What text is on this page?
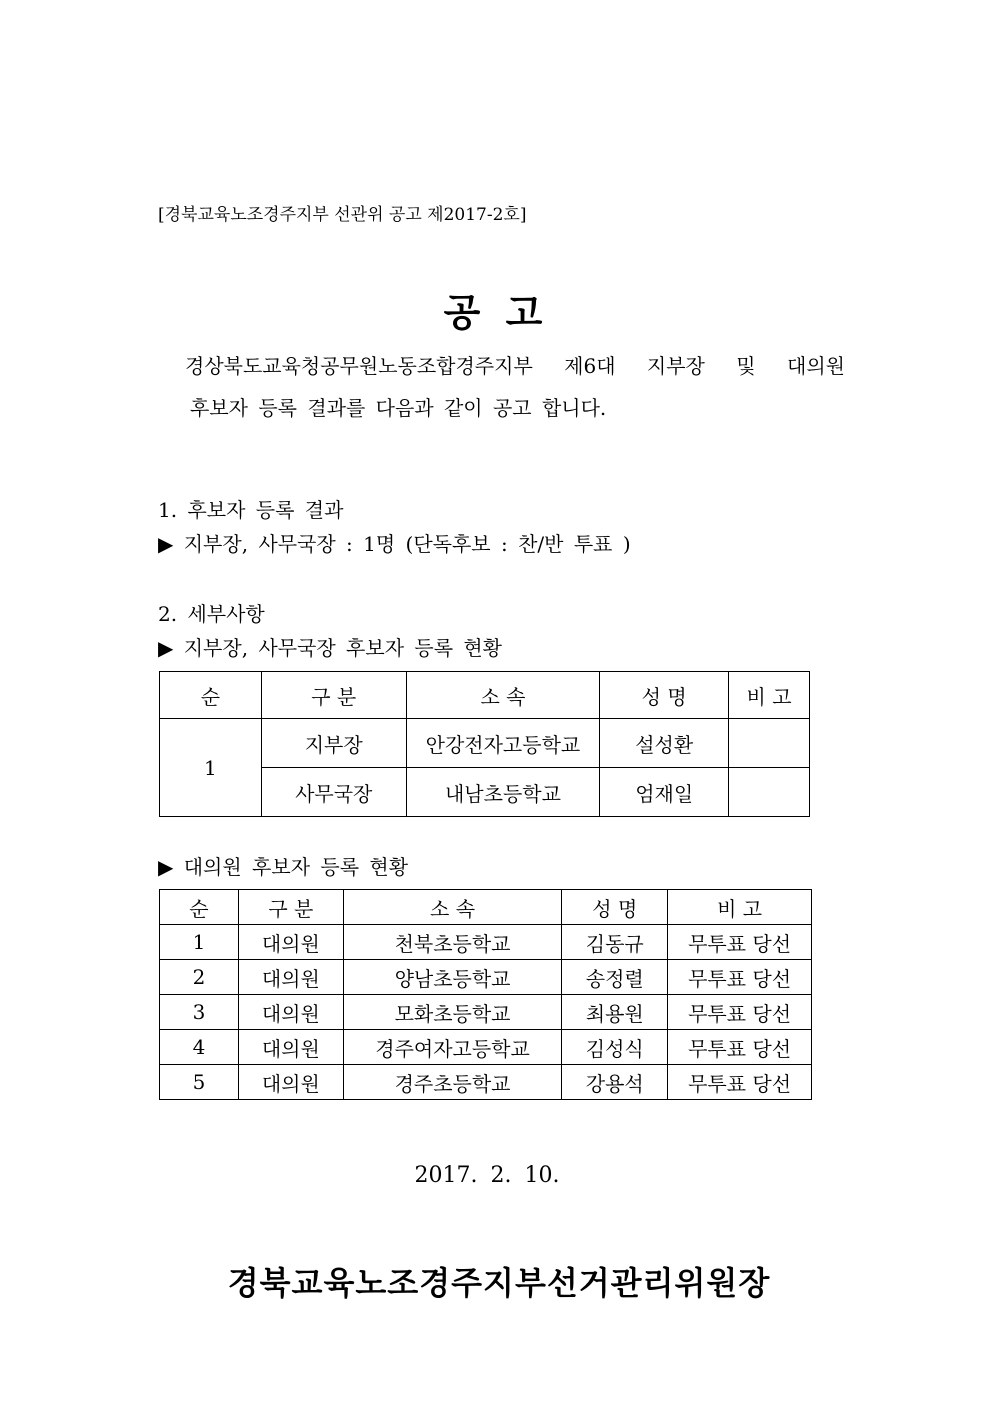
[경북교육노조경주지부 선관위 공고 제2017-2호]
공 고
경상북도교육청공무원노동조합경주지부 제6대 지부장 및 대의원
후보자 등록 결과를 다음과 같이 공고 합니다.
1. 후보자 등록 결과
▶ 지부장, 사무국장 : 1명 (단독후보 : 찬/반 투표 )
2. 세부사항
▶ 지부장, 사무국장 후보자 등록 현황
순	구 분	소 속	성 명	비 고
1	지부장	안강전자고등학교	설성환	
	사무국장	내남초등학교	엄재일	
▶ 대의원 후보자 등록 현황
순	구 분	소 속	성 명	비 고
1	대의원	천북초등학교	김동규	무투표 당선
2	대의원	양남초등학교	송정렬	무투표 당선
3	대의원	모화초등학교	최용원	무투표 당선
4	대의원	경주여자고등학교	김성식	무투표 당선
5	대의원	경주초등학교	강용석	무투표 당선
2017. 2. 10.
경북교육노조경주지부선거관리위원장
